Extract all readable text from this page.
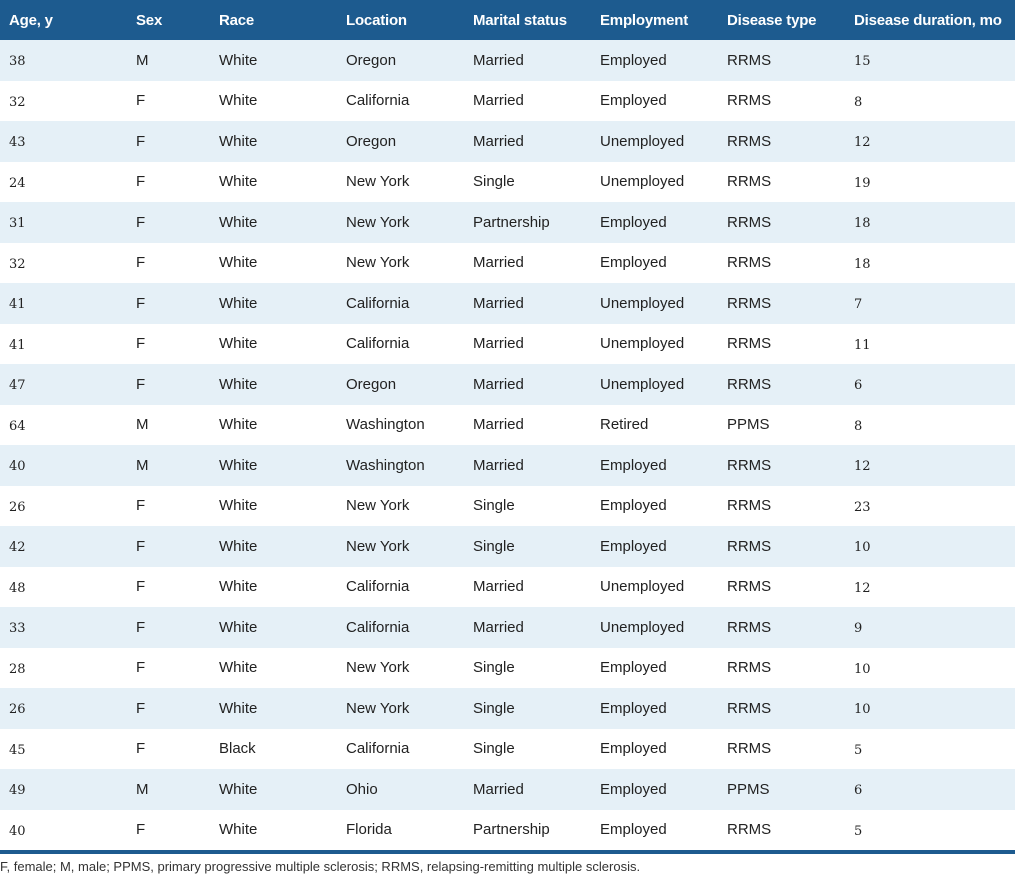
Age, y	Sex	Race	Location	Marital status	Employment	Disease type	Disease duration, mo
38	M	White	Oregon	Married	Employed	RRMS	15
32	F	White	California	Married	Employed	RRMS	8
43	F	White	Oregon	Married	Unemployed	RRMS	12
24	F	White	New York	Single	Unemployed	RRMS	19
31	F	White	New York	Partnership	Employed	RRMS	18
32	F	White	New York	Married	Employed	RRMS	18
41	F	White	California	Married	Unemployed	RRMS	7
41	F	White	California	Married	Unemployed	RRMS	11
47	F	White	Oregon	Married	Unemployed	RRMS	6
64	M	White	Washington	Married	Retired	PPMS	8
40	M	White	Washington	Married	Employed	RRMS	12
26	F	White	New York	Single	Employed	RRMS	23
42	F	White	New York	Single	Employed	RRMS	10
48	F	White	California	Married	Unemployed	RRMS	12
33	F	White	California	Married	Unemployed	RRMS	9
28	F	White	New York	Single	Employed	RRMS	10
26	F	White	New York	Single	Employed	RRMS	10
45	F	Black	California	Single	Employed	RRMS	5
49	M	White	Ohio	Married	Employed	PPMS	6
40	F	White	Florida	Partnership	Employed	RRMS	5

F, female; M, male; PPMS, primary progressive multiple sclerosis; RRMS, relapsing-remitting multiple sclerosis.
